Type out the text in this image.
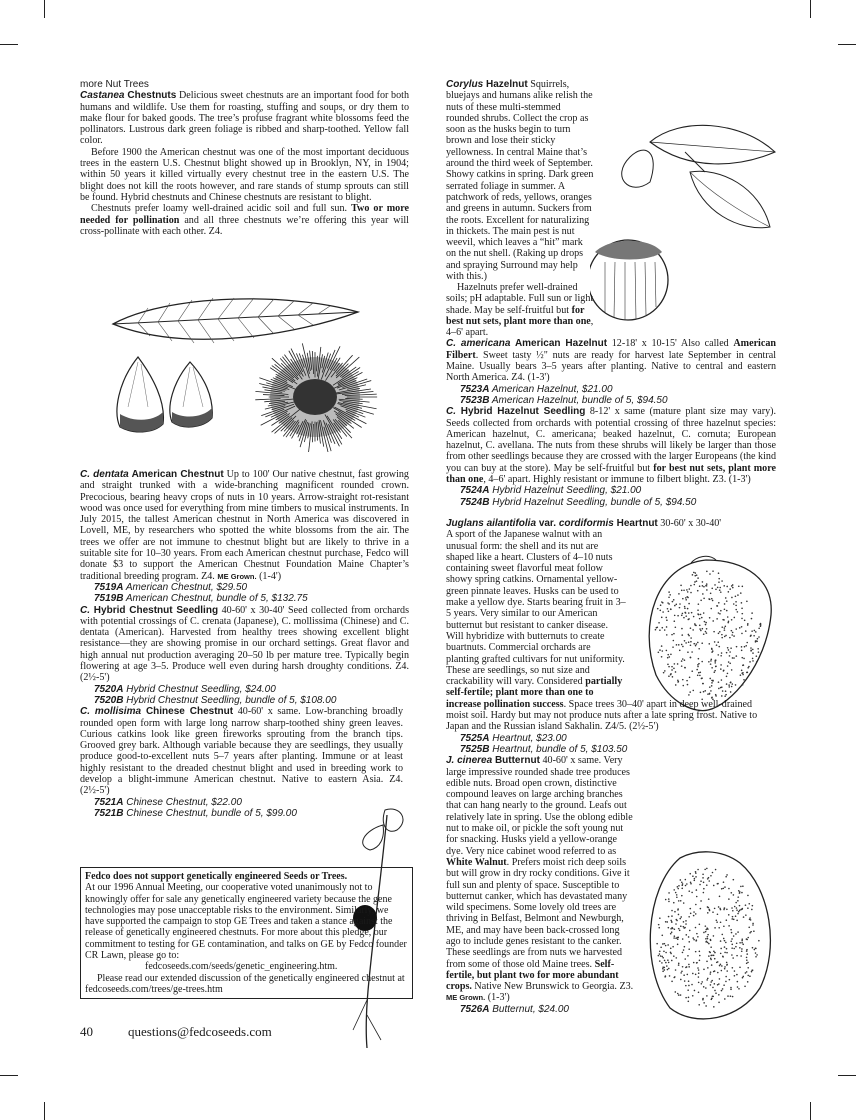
more Nut Trees

Castanea Chestnuts Delicious sweet chestnuts are an important food for both humans and wildlife. Use them for roasting, stuffing and soups, or dry them to make flour for baked goods. The tree’s profuse fragrant white blossoms feed the pollinators. Lustrous dark green foliage is ribbed and sharp-toothed. Yellow fall color.

Before 1900 the American chestnut was one of the most important deciduous trees in the eastern U.S. Chestnut blight showed up in Brooklyn, NY, in 1904; within 50 years it killed virtually every chestnut tree in the eastern U.S. The blight does not kill the roots however, and rare stands of stump sprouts can still be found. Hybrid chestnuts and Chinese chestnuts are resistant to blight.

Chestnuts prefer loamy well-drained acidic soil and full sun. Two or more needed for pollination and all three chestnuts we’re offering this year will cross-pollinate with each other. Z4.

C. dentata American Chestnut Up to 100' Our native chestnut, fast growing and straight trunked with a wide-branching magnificent rounded crown. Precocious, bearing heavy crops of nuts in 10 years. Arrow-straight rot-resistant wood was once used for everything from mine timbers to musical instruments. In July 2015, the tallest American chestnut in North America was discovered in Lovell, ME, by researchers who spotted the white blossoms from the air. The trees we offer are not immune to chestnut blight but are likely to thrive in a suitable site for 10–30 years. From each American chestnut purchase, Fedco will donate $3 to support the American Chestnut Foundation Maine Chapter’s traditional breeding program. Z4. ME Grown. (1-4')

7519A American Chestnut, $29.50
7519B American Chestnut, bundle of 5, $132.75

C. Hybrid Chestnut Seedling 40-60' x 30-40' Seed collected from orchards with potential crossings of C. crenata (Japanese), C. mollissima (Chinese) and C. dentata (American). Harvested from healthy trees showing excellent blight resistance—they are showing promise in our orchard settings. Great flavor and high annual nut production averaging 20–50 lb per mature tree. Typically begin flowering at age 3–5. Produce well even during harsh droughty conditions. Z4. (2½-5')

7520A Hybrid Chestnut Seedling, $24.00
7520B Hybrid Chestnut Seedling, bundle of 5, $108.00

C. mollisima Chinese Chestnut 40-60' x same. Low-branching broadly rounded open form with large long narrow sharp-toothed shiny green leaves. Curious catkins look like green fireworks sprouting from the branch tips. Grooved grey bark. Although variable because they are seedlings, they usually produce good-to-excellent nuts 5–7 years after planting. Immune or at least highly resistant to the dreaded chestnut blight and used in breeding work to develop a blight-immune American chestnut. Native to eastern Asia. Z4. (2½-5')

7521A Chinese Chestnut, $22.00
7521B Chinese Chestnut, bundle of 5, $99.00
Fedco does not support genetically engineered Seeds or Trees.
At our 1996 Annual Meeting, our cooperative voted unanimously not to knowingly offer for sale any genetically engineered variety because the gene technologies may pose unacceptable risks to the environment. Similarly, we have supported the campaign to stop GE Trees and taken a stance against the release of genetically engineered chestnuts. For more about this pledge, our commitment to testing for GE contamination, and talks on GE by Fedco founder CR Lawn, please go to:
fedcoseeds.com/seeds/genetic_engineering.htm.
Please read our extended discussion of the genetically engineered chestnut at fedcoseeds.com/trees/ge-trees.htm
40	questions@fedcoseeds.com

Corylus Hazelnut Squirrels, bluejays and humans alike relish the nuts of these multi-stemmed rounded shrubs. Collect the crop as soon as the husks begin to turn brown and lose their sticky yellowness. In central Maine that’s around the third week of September. Showy catkins in spring. Dark green serrated foliage in summer. A patchwork of reds, yellows, oranges and greens in autumn. Suckers from the roots. Excellent for naturalizing in thickets. The main pest is nut weevil, which leaves a “hit” mark on the nut shell. (Raking up drops and spraying Surround may help with this.)

Hazelnuts prefer well-drained soils; pH adaptable. Full sun or light shade. May be self-fruitful but for best nut sets, plant more than one, 4–6' apart.

C. americana American Hazelnut 12-18' x 10-15' Also called American Filbert. Sweet tasty ½" nuts are ready for harvest late September in central Maine. Usually bears 3–5 years after planting. Native to central and eastern North America. Z4. (1-3')

7523A American Hazelnut, $21.00
7523B American Hazelnut, bundle of 5, $94.50

C. Hybrid Hazelnut Seedling 8-12' x same (mature plant size may vary). Seeds collected from orchards with potential crossing of three hazelnut species: American hazelnut, C. americana; beaked hazelnut, C. cornuta; European hazelnut, C. avellana. The nuts from these shrubs will likely be larger than those from other seedlings because they are crossed with the larger Europeans (the kind you can buy at the store). May be self-fruitful but for best nut sets, plant more than one, 4–6' apart. Highly resistant or immune to filbert blight. Z3. (1-3')

7524A Hybrid Hazelnut Seedling, $21.00
7524B Hybrid Hazelnut Seedling, bundle of 5, $94.50

Juglans ailantifolia var. cordiformis Heartnut 30-60' x 30-40'

A sport of the Japanese walnut with an unusual form: the shell and its nut are shaped like a heart. Clusters of 4–10 nuts containing sweet flavorful meat follow showy spring catkins. Ornamental yellow-green pinnate leaves. Husks can be used to make a yellow dye. Starts bearing fruit in 3–5 years. Very similar to our American butternut but resistant to canker disease. Will hybridize with butternuts to create buartnuts. Commercial orchards are planting grafted cultivars for nut uniformity. These are seedlings, so nut size and crackability will vary. Considered partially self-fertile; plant more than one to increase pollination success. Space trees 30–40' apart in deep well-drained moist soil. Hardy but may not produce nuts after a late spring frost. Native to Japan and the Russian island Sakhalin. Z4/5. (2½-5')

7525A Heartnut, $23.00
7525B Heartnut, bundle of 5, $103.50

J. cinerea Butternut 40-60' x same. Very large impressive rounded shade tree produces edible nuts. Broad open crown, distinctive compound leaves on large arching branches that can hang nearly to the ground. Leafs out relatively late in spring. Use the oblong edible nut to make oil, or pickle the soft young nut for snacking. Husks yield a yellow-orange dye. Very nice cabinet wood referred to as White Walnut. Prefers moist rich deep soils but will grow in dry rocky conditions. Give it full sun and plenty of space. Susceptible to butternut canker, which has devastated many wild specimens. Some lovely old trees are thriving in Belfast, Belmont and Newburgh, ME, and may have been back-crossed long ago to include genes resistant to the canker. These seedlings are from nuts we harvested from some of those old Maine trees. Self-fertile, but plant two for more abundant crops. Native New Brunswick to Georgia. Z3. ME Grown. (1-3')

7526A Butternut, $24.00
